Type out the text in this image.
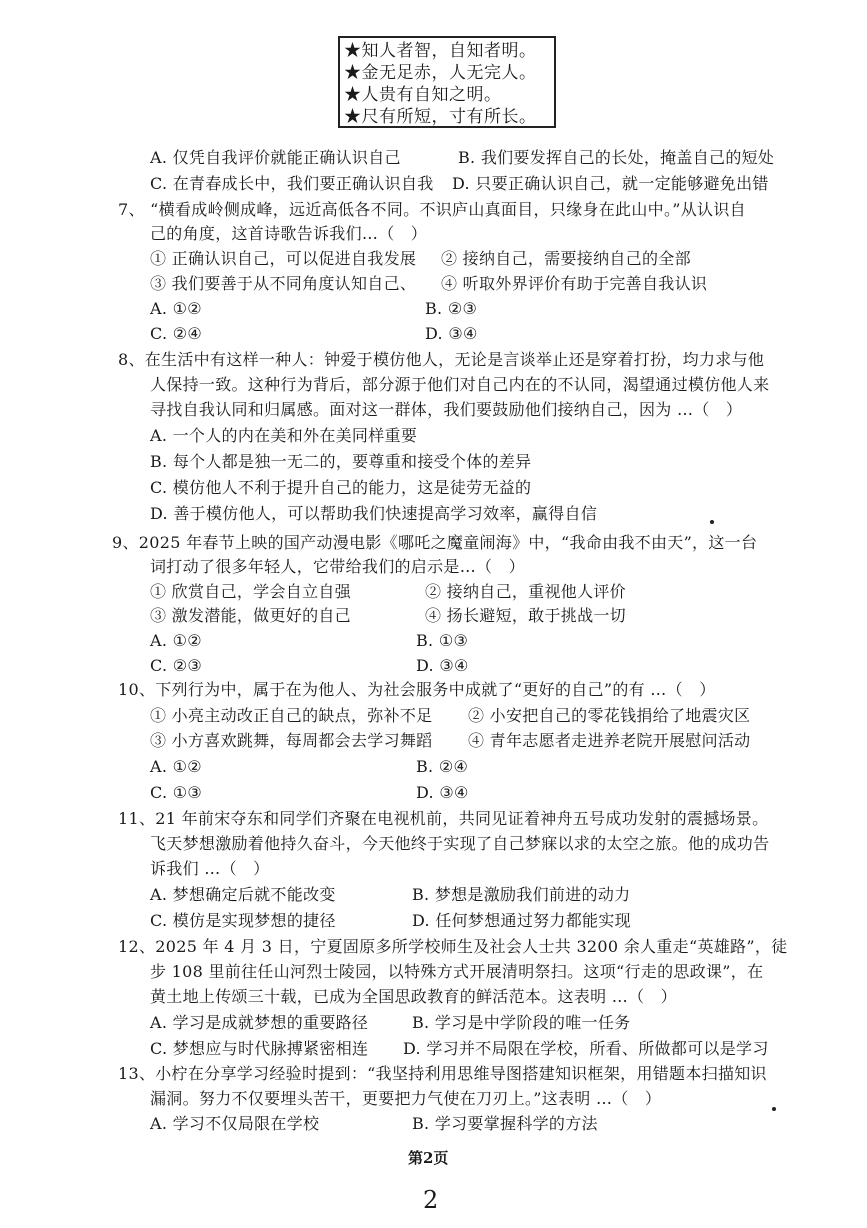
★知人者智，自知者明。
★金无足赤，人无完人。
★人贵有自知之明。
★尺有所短，寸有所长。
A. 仅凭自我评价就能正确认识自己	B. 我们要发挥自己的长处，掩盖自己的短处
C. 在青春成长中，我们要正确认识自我 D. 只要正确认识自己，就一定能够避免出错
7、 “横看成岭侧成峰，远近高低各不同。不识庐山真面目，只缘身在此山中。”从认识自
己的角度，这首诗歌告诉我们…（　）
① 正确认识自己，可以促进自我发展 ② 接纳自己，需要接纳自己的全部
③ 我们要善于从不同角度认知自己、 ④ 听取外界评价有助于完善自我认识
A. ①②	B. ②③
C. ②④	D. ③④
8、在生活中有这样一种人：钟爱于模仿他人，无论是言谈举止还是穿着打扮，均力求与他
人保持一致。这种行为背后，部分源于他们对自己内在的不认同，渴望通过模仿他人来
寻找自我认同和归属感。面对这一群体，我们要鼓励他们接纳自己，因为 …（　）
A. 一个人的内在美和外在美同样重要
B. 每个人都是独一无二的，要尊重和接受个体的差异
C. 模仿他人不利于提升自己的能力，这是徒劳无益的
D. 善于模仿他人，可以帮助我们快速提高学习效率，赢得自信
9、2025 年春节上映的国产动漫电影《哪吒之魔童闹海》中，“我命由我不由天”，这一台
词打动了很多年轻人，它带给我们的启示是…（　）
① 欣赏自己，学会自立自强	② 接纳自己，重视他人评价
③ 激发潜能，做更好的自己	④ 扬长避短，敢于挑战一切
A. ①②	B. ①③
C. ②③	D. ③④
10、下列行为中，属于在为他人、为社会服务中成就了“更好的自己”的有 …（　）
① 小亮主动改正自己的缺点，弥补不足 ② 小安把自己的零花钱捐给了地震灾区
③ 小方喜欢跳舞，每周都会去学习舞蹈 ④ 青年志愿者走进养老院开展慰问活动
A. ①②	B. ②④
C. ①③	D. ③④
11、21 年前宋夺东和同学们齐聚在电视机前，共同见证着神舟五号成功发射的震撼场景。
飞天梦想激励着他持久奋斗，今天他终于实现了自己梦寐以求的太空之旅。他的成功告
诉我们 …（　）
A. 梦想确定后就不能改变	B. 梦想是激励我们前进的动力
C. 模仿是实现梦想的捷径	D. 任何梦想通过努力都能实现
12、2025 年 4 月 3 日，宁夏固原多所学校师生及社会人士共 3200 余人重走“英雄路”，徒
步 108 里前往任山河烈士陵园，以特殊方式开展清明祭扫。这项“行走的思政课”，在
黄土地上传颂三十载，已成为全国思政教育的鲜活范本。这表明 …（　）
A. 学习是成就梦想的重要路径	B. 学习是中学阶段的唯一任务
C. 梦想应与时代脉搏紧密相连 D. 学习并不局限在学校，所看、所做都可以是学习
13、小柠在分享学习经验时提到：“我坚持利用思维导图搭建知识框架，用错题本扫描知识
漏洞。努力不仅要埋头苦干，更要把力气使在刀刃上。”这表明 …（　）
A. 学习不仅局限在学校	B. 学习要掌握科学的方法
第2页
2
